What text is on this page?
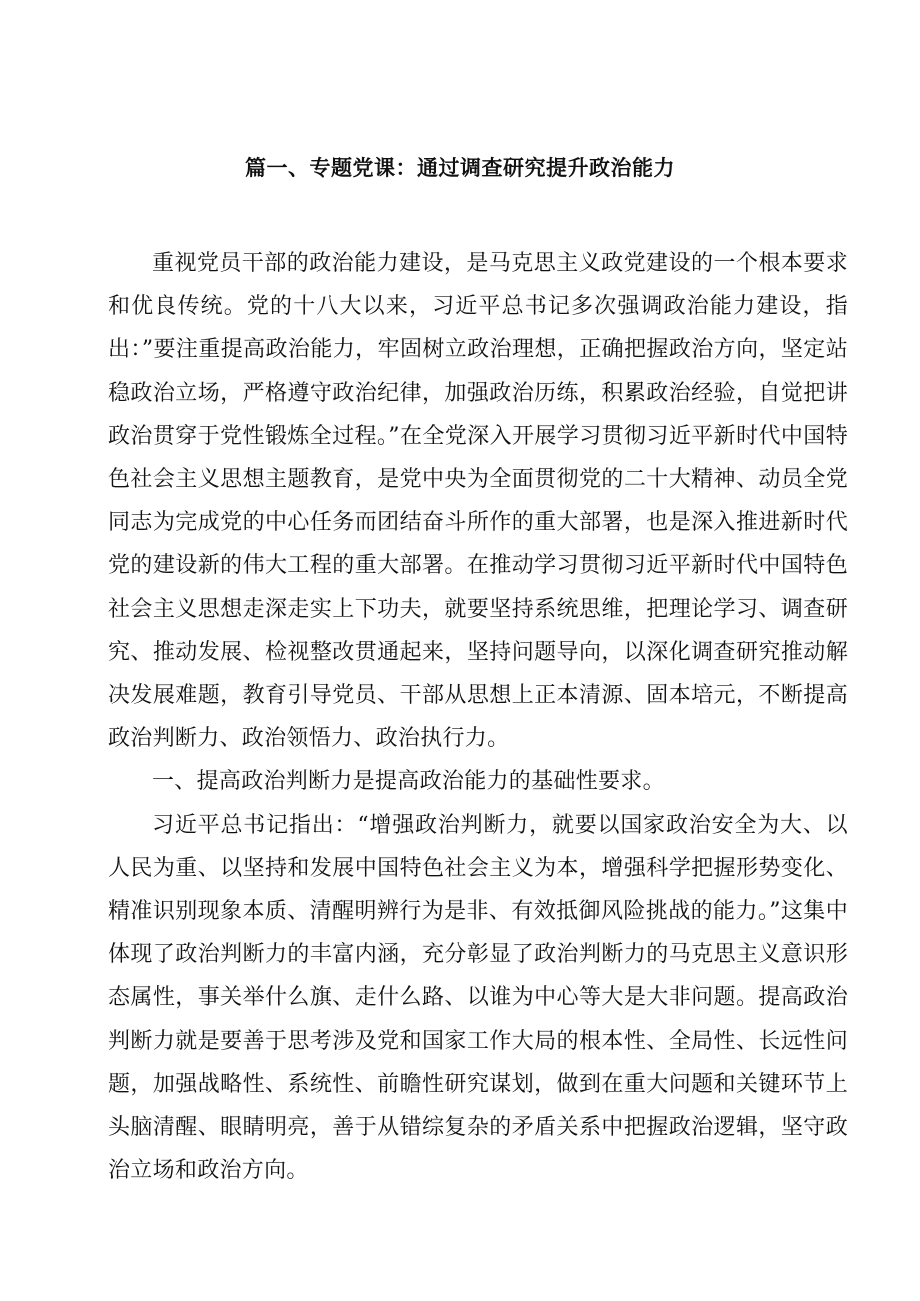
篇一、专题党课：通过调查研究提升政治能力

重视党员干部的政治能力建设，是马克思主义政党建设的一个根本要求和优良传统。党的十八大以来，习近平总书记多次强调政治能力建设，指出：”要注重提高政治能力，牢固树立政治理想，正确把握政治方向，坚定站稳政治立场，严格遵守政治纪律，加强政治历练，积累政治经验，自觉把讲政治贯穿于党性锻炼全过程。”在全党深入开展学习贯彻习近平新时代中国特色社会主义思想主题教育，是党中央为全面贯彻党的二十大精神、动员全党同志为完成党的中心任务而团结奋斗所作的重大部署，也是深入推进新时代党的建设新的伟大工程的重大部署。在推动学习贯彻习近平新时代中国特色社会主义思想走深走实上下功夫，就要坚持系统思维，把理论学习、调查研究、推动发展、检视整改贯通起来，坚持问题导向，以深化调查研究推动解决发展难题，教育引导党员、干部从思想上正本清源、固本培元，不断提高政治判断力、政治领悟力、政治执行力。

一、提高政治判断力是提高政治能力的基础性要求。

习近平总书记指出：“增强政治判断力，就要以国家政治安全为大、以人民为重、以坚持和发展中国特色社会主义为本，增强科学把握形势变化、精准识别现象本质、清醒明辨行为是非、有效抵御风险挑战的能力。”这集中体现了政治判断力的丰富内涵，充分彰显了政治判断力的马克思主义意识形态属性，事关举什么旗、走什么路、以谁为中心等大是大非问题。提高政治判断力就是要善于思考涉及党和国家工作大局的根本性、全局性、长远性问题，加强战略性、系统性、前瞻性研究谋划，做到在重大问题和关键环节上头脑清醒、眼睛明亮，善于从错综复杂的矛盾关系中把握政治逻辑，坚守政治立场和政治方向。
